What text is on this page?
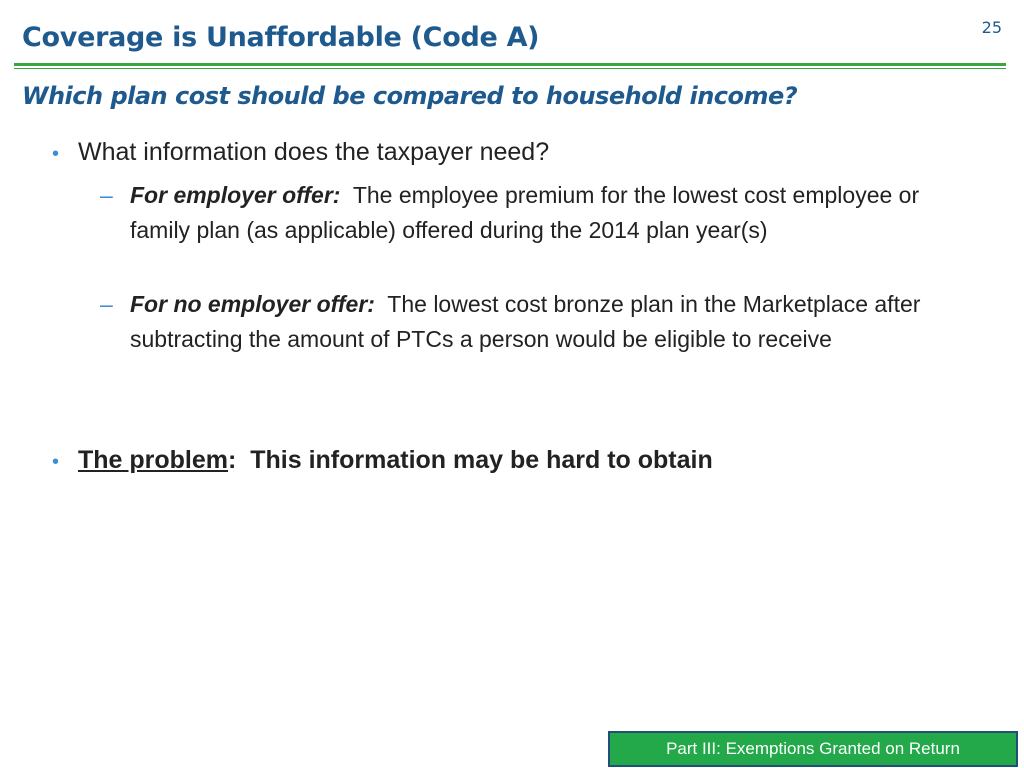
25
Coverage is Unaffordable (Code A)
Which plan cost should be compared to household income?
• What information does the taxpayer need?
– For employer offer:  The employee premium for the lowest cost employee or family plan (as applicable) offered during the 2014 plan year(s)
– For no employer offer:  The lowest cost bronze plan in the Marketplace after subtracting the amount of PTCs a person would be eligible to receive
• The problem:  This information may be hard to obtain
Part III: Exemptions Granted on Return
